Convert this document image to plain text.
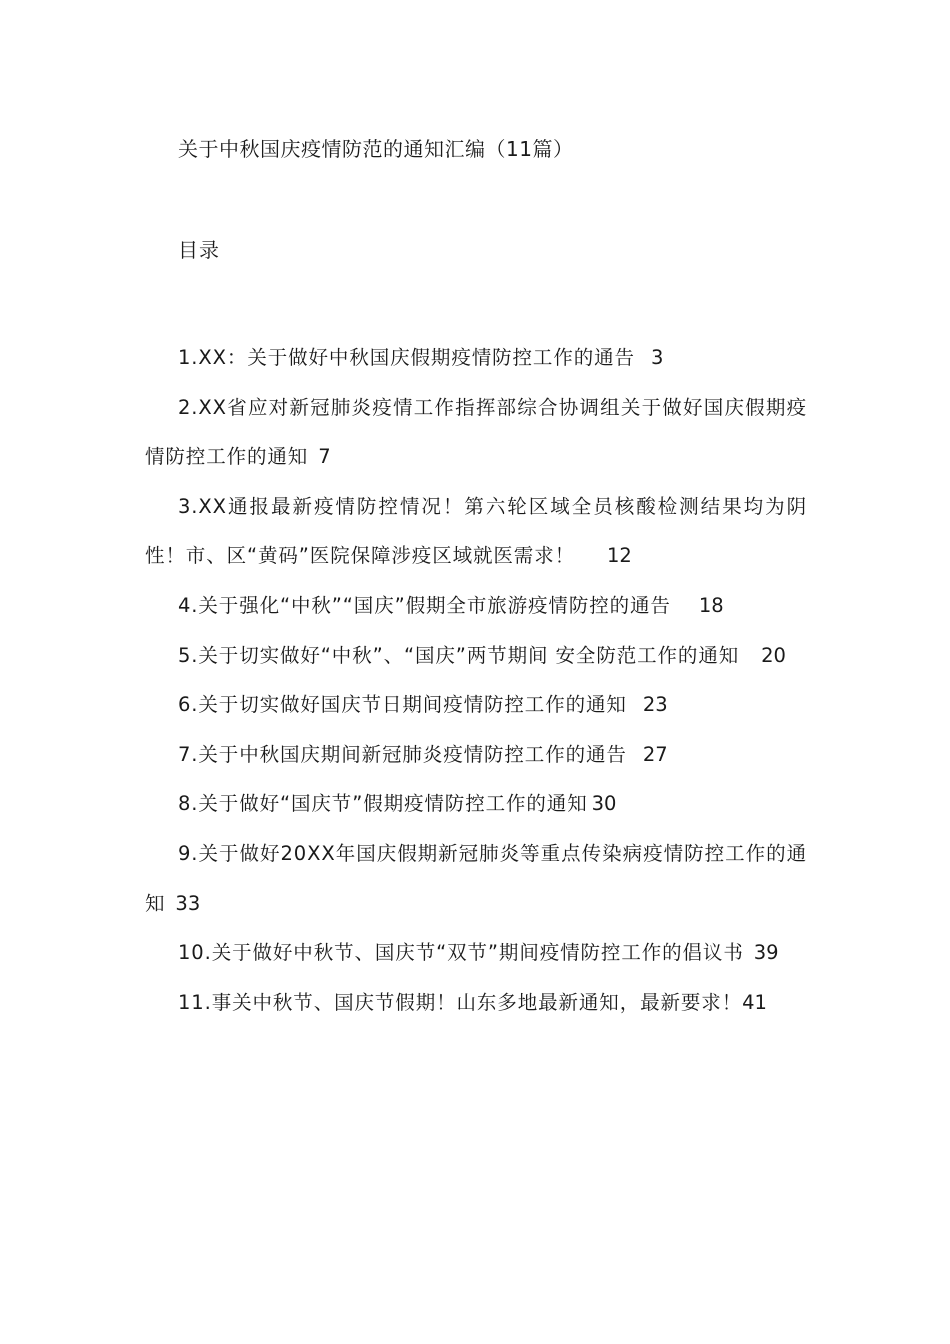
关于中秋国庆疫情防范的通知汇编（11篇）
目录
1.XX：关于做好中秋国庆假期疫情防控工作的通告 3
2.XX省应对新冠肺炎疫情工作指挥部综合协调组关于做好国庆假期疫情防控工作的通知 7
3.XX通报最新疫情防控情况！第六轮区域全员核酸检测结果均为阴性！市、区“黄码”医院保障涉疫区域就医需求！ 12
4.关于强化“中秋”“国庆”假期全市旅游疫情防控的通告 18
5.关于切实做好“中秋”、“国庆”两节期间 安全防范工作的通知 20
6.关于切实做好国庆节日期间疫情防控工作的通知 23
7.关于中秋国庆期间新冠肺炎疫情防控工作的通告 27
8.关于做好“国庆节”假期疫情防控工作的通知 30
9.关于做好20XX年国庆假期新冠肺炎等重点传染病疫情防控工作的通知 33
10.关于做好中秋节、国庆节“双节”期间疫情防控工作的倡议书 39
11.事关中秋节、国庆节假期！山东多地最新通知，最新要求！41
